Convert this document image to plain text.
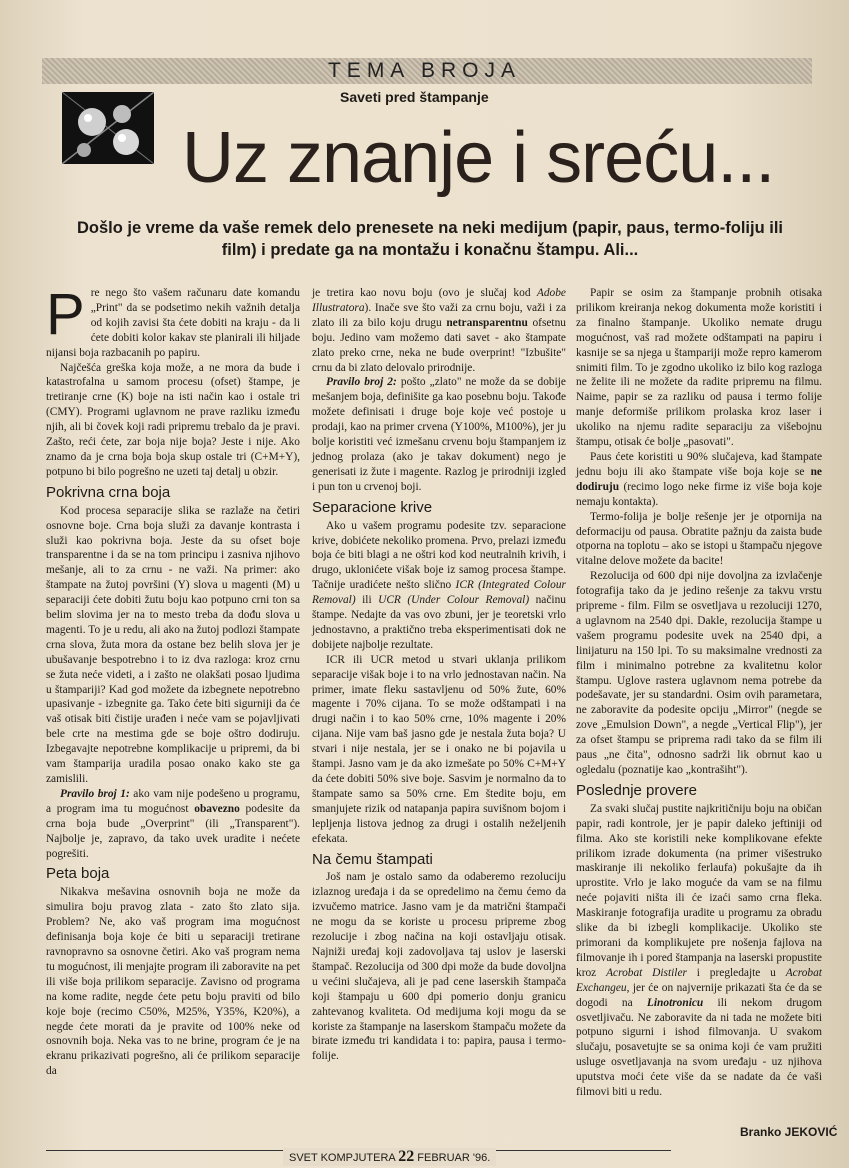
TEMA BROJA
Saveti pred štampanje
Uz znanje i sreću...
Došlo je vreme da vaše remek delo prenesete na neki medijum (papir, paus, termo-foliju ili film) i predate ga na montažu i konačnu štampu. Ali...

Pre nego što vašem računaru date komandu „Print" da se podsetimo nekih važnih detalja od kojih zavisi šta ćete dobiti na kraju - da li ćete dobiti kolor kakav ste planirali ili hiljade nijansi boja razbacanih po papiru.

Najčešća greška koja može, a ne mora da bude i katastrofalna u samom procesu (ofset) štampe, je tretiranje crne (K) boje na isti način kao i ostale tri (CMY). Programi uglavnom ne prave razliku između njih, ali bi čovek koji radi pripremu trebalo da je pravi. Zašto, reći ćete, zar boja nije boja? Jeste i nije. Ako znamo da je crna boja boja skup ostale tri (C+M+Y), potpuno bi bilo pogrešno ne uzeti taj detalj u obzir.

Pokrivna crna boja

Kod procesa separacije slika se razlaže na četiri osnovne boje. Crna boja služi za davanje kontrasta i služi kao pokrivna boja. Jeste da su ofset boje transparentne i da se na tom principu i zasniva njihovo mešanje, ali to za crnu - ne važi. Na primer: ako štampate na žutoj površini (Y) slova u magenti (M) u separaciji ćete dobiti žutu boju kao potpuno crni ton sa belim slovima jer na to mesto treba da dođu slova u magenti. To je u redu, ali ako na žutoj podlozi štampate crna slova, žuta mora da ostane bez belih slova jer je ubušavanje bespotrebno i to iz dva razloga: kroz crnu se žuta neće videti, a i zašto ne olakšati posao ljudima u štampariji? Kad god možete da izbegnete nepotrebno upasivanje - izbegnite ga. Tako ćete biti sigurniji da će vaš otisak biti čistije urađen i neće vam se pojavljivati bele crte na mestima gde se boje oštro dodiruju. Izbegavajte nepotrebne komplikacije u pripremi, da bi vam štamparija uradila posao onako kako ste ga zamislili.

Pravilo broj 1: ako vam nije podešeno u programu, a program ima tu mogućnost obavezno podesite da crna boja bude „Overprint" (ili „Transparent"). Najbolje je, zapravo, da tako uvek uradite i nećete pogrešiti.

Peta boja

Nikakva mešavina osnovnih boja ne može da simulira boju pravog zlata - zato što zlato sija. Problem? Ne, ako vaš program ima mogućnost definisanja boja koje će biti u separaciji tretirane ravnopravno sa osnovne četiri. Ako vaš program nema tu mogućnost, ili menjajte program ili zaboravite na pet ili više boja prilikom separacije. Zavisno od programa na kome radite, negde ćete petu boju praviti od bilo koje boje (recimo C50%, M25%, Y35%, K20%), a negde ćete morati da je pravite od 100% neke od osnovnih boja. Neka vas to ne brine, program će je na ekranu prikazivati pogrešno, ali će prilikom separacije da

je tretira kao novu boju (ovo je slučaj kod Adobe Illustratora). Inače sve što važi za crnu boju, važi i za zlato ili za bilo koju drugu netransparentnu ofsetnu boju. Jedino vam možemo dati savet - ako štampate zlato preko crne, neka ne bude overprint! "Izbušite" crnu da bi zlato delovalo prirodnije.

Pravilo broj 2: pošto „zlato" ne može da se dobije mešanjem boja, definišite ga kao posebnu boju. Takođe možete definisati i druge boje koje već postoje u prodaji, kao na primer crvena (Y100%, M100%), jer ju bolje koristiti već izmešanu crvenu boju štampanjem iz jednog prolaza (ako je takav dokument) nego je generisati iz žute i magente. Razlog je prirodniji izgled i pun ton u crvenoj boji.

Separacione krive

Ako u vašem programu podesite tzv. separacione krive, dobićete nekoliko promena. Prvo, prelazi između boja će biti blagi a ne oštri kod kod neutralnih krivih, i drugo, uklonićete višak boje iz samog procesa štampe. Tačnije uradićete nešto slično ICR (Integrated Colour Removal) ili UCR (Under Colour Removal) načinu štampe. Nedajte da vas ovo zbuni, jer je teoretski vrlo jednostavno, a praktično treba eksperimentisati dok ne dobijete najbolje rezultate.

ICR ili UCR metod u stvari uklanja prilikom separacije višak boje i to na vrlo jednostavan način. Na primer, imate fleku sastavljenu od 50% žute, 60% magente i 70% cijana. To se može odštampati i na drugi način i to kao 50% crne, 10% magente i 20% cijana. Nije vam baš jasno gde je nestala žuta boja? U stvari i nije nestala, jer se i onako ne bi pojavila u štampi. Jasno vam je da ako izmešate po 50% C+M+Y da ćete dobiti 50% sive boje. Sasvim je normalno da to štampate samo sa 50% crne. Em štedite boju, em smanjujete rizik od natapanja papira suvišnom bojom i lepljenja listova jednog za drugi i ostalih neželjenih efekata.

Na čemu štampati

Još nam je ostalo samo da odaberemo rezoluciju izlaznog uređaja i da se opredelimo na čemu ćemo da izvučemo matrice. Jasno vam je da matrični štampači ne mogu da se koriste u procesu pripreme zbog rezolucije i zbog načina na koji ostavljaju otisak. Najniži uređaj koji zadovoljava taj uslov je laserski štampač. Rezolucija od 300 dpi može da bude dovoljna u većini slučajeva, ali je pad cene laserskih štampača koji štampaju u 600 dpi pomerio donju granicu zahtevanog kvaliteta. Od medijuma koji mogu da se koriste za štampanje na laserskom štampaču možete da birate između tri kandidata i to: papira, pausa i termo-folije.

Papir se osim za štampanje probnih otisaka prilikom kreiranja nekog dokumenta može koristiti i za finalno štampanje. Ukoliko nemate drugu mogućnost, vaš rad možete odštampati na papiru i kasnije se sa njega u štampariji može repro kamerom snimiti film. To je zgodno ukoliko iz bilo kog razloga ne želite ili ne možete da radite pripremu na filmu. Naime, papir se za razliku od pausa i termo folije manje deformiše prilikom prolaska kroz laser i ukoliko na njemu radite separaciju za višebojnu štampu, otisak će bolje „pasovati".

Paus ćete koristiti u 90% slučajeva, kad štampate jednu boju ili ako štampate više boja koje se ne dodiruju (recimo logo neke firme iz više boja koje nemaju kontakta).

Termo-folija je bolje rešenje jer je otpornija na deformaciju od pausa. Obratite pažnju da zaista bude otporna na toplotu – ako se istopi u štampaču njegove vitalne delove možete da bacite!

Rezolucija od 600 dpi nije dovoljna za izvlačenje fotografija tako da je jedino rešenje za takvu vrstu pripreme - film. Film se osvetljava u rezoluciji 1270, a uglavnom na 2540 dpi. Dakle, rezolucija štampe u vašem programu podesite uvek na 2540 dpi, a linijaturu na 150 lpi. To su maksimalne vrednosti za film i minimalno potrebne za kvalitetnu kolor štampu. Uglove rastera uglavnom nema potrebe da podešavate, jer su standardni. Osim ovih parametara, ne zaboravite da podesite opciju „Mirror" (negde se zove „Emulsion Down", a negde „Vertical Flip"), jer za ofset štampu se priprema radi tako da se film ili paus „ne čita", odnosno sadrži lik obrnut kao u ogledalu (poznatije kao „kontrašiht").

Poslednje provere

Za svaki slučaj pustite najkritičniju boju na običan papir, radi kontrole, jer je papir daleko jeftiniji od filma. Ako ste koristili neke komplikovane efekte prilikom izrade dokumenta (na primer višestruko maskiranje ili nekoliko ferlaufa) pokušajte da ih uprostite. Vrlo je lako moguće da vam se na filmu neće pojaviti ništa ili će izaći samo crna fleka. Maskiranje fotografija uradite u programu za obradu slike da bi izbegli komplikacije. Ukoliko ste primorani da komplikujete pre nošenja fajlova na filmovanje ih i pored štampanja na laserski propustite kroz Acrobat Distiler i pregledajte u Acrobat Exchangeu, jer će on najverniје prikazati šta će da se dogodi na Linotronicu ili nekom drugom osvetljivaču. Ne zaboravite da ni tada ne možete biti potpuno sigurni i ishod filmovanja. U svakom slučaju, posavetujte se sa onima koji će vam pružiti usluge osvetljavanja na svom uređaju - uz njihova uputstva moći ćete više da se nadate da će vaši filmovi biti u redu.

Branko JEKOVIĆ
SVET KOMPJUTERA 22 FEBRUAR '96.
